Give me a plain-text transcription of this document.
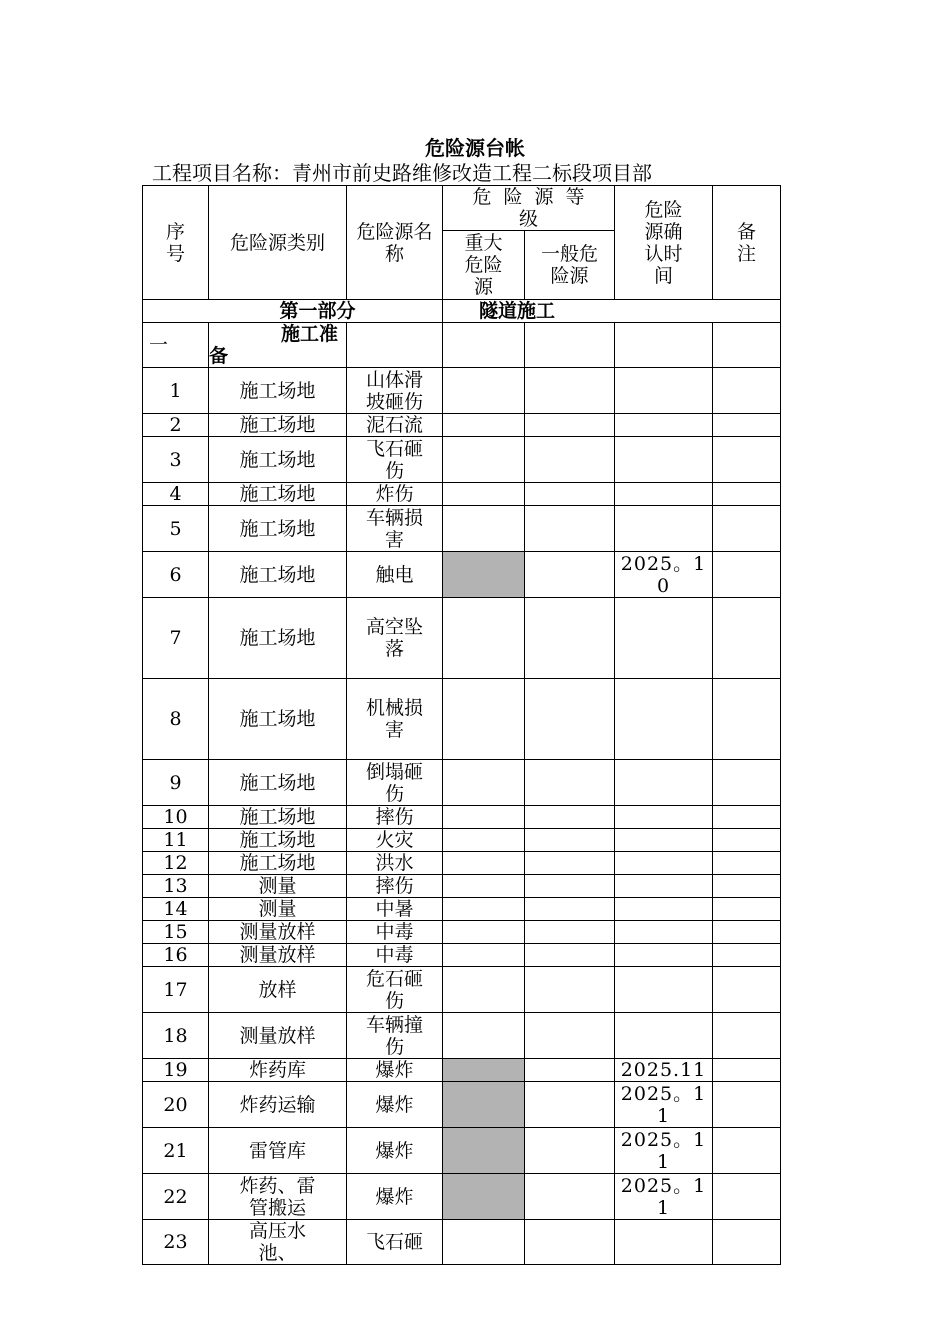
危险源台帐
工程项目名称：青州市前史路维修改造工程二标段项目部
序号	危险源类别	危险源名称	危险源等级		危险源确认时间	备注

			重大危险源	一般危险源		

第一部分			隧道施工			
一	施工准备					

1	施工场地	山体滑坡砸伤				

2	施工场地	泥石流				

3	施工场地	飞石砸伤				

4	施工场地	炸伤				

5	施工场地	车辆损害				

6	施工场地	触电			2025。10	

7	施工场地	高空坠落				

8	施工场地	机械损害				

9	施工场地	倒塌砸伤				

10	施工场地	摔伤				

11	施工场地	火灾				

12	施工场地	洪水				

13	测量	摔伤				

14	测量	中暑				

15	测量放样	中毒				

16	测量放样	中毒				

17	放样	危石砸伤				

18	测量放样	车辆撞伤				

19	炸药库	爆炸			2025.11	

20	炸药运输	爆炸			2025。11	

21	雷管库	爆炸			2025。11	

22	炸药、雷管搬运	爆炸			2025。11	

23	高压水池、	飞石砸				
